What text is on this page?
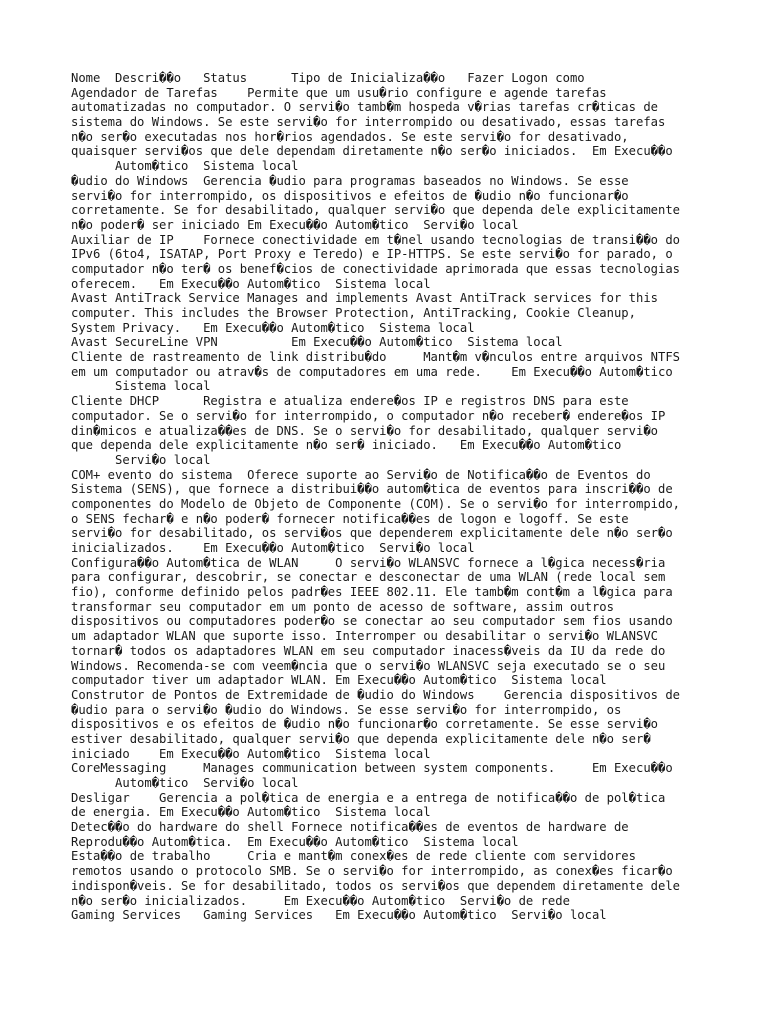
Nome  Descri��o   Status      Tipo de Inicializa��o   Fazer Logon como
Agendador de Tarefas    Permite que um usu�rio configure e agende tarefas
automatizadas no computador. O servi�o tamb�m hospeda v�rias tarefas cr�ticas de
sistema do Windows. Se este servi�o for interrompido ou desativado, essas tarefas
n�o ser�o executadas nos hor�rios agendados. Se este servi�o for desativado,
quaisquer servi�os que dele dependam diretamente n�o ser�o iniciados.  Em Execu��o
Autom�tico  Sistema local
�udio do Windows  Gerencia �udio para programas baseados no Windows. Se esse
servi�o for interrompido, os dispositivos e efeitos de �udio n�o funcionar�o
corretamente. Se for desabilitado, qualquer servi�o que dependa dele explicitamente
n�o poder� ser iniciado Em Execu��o Autom�tico  Servi�o local
Auxiliar de IP    Fornece conectividade em t�nel usando tecnologias de transi��o do
IPv6 (6to4, ISATAP, Port Proxy e Teredo) e IP-HTTPS. Se este servi�o for parado, o
computador n�o ter� os benef�cios de conectividade aprimorada que essas tecnologias
oferecem.   Em Execu��o Autom�tico  Sistema local
Avast AntiTrack Service Manages and implements Avast AntiTrack services for this
computer. This includes the Browser Protection, AntiTracking, Cookie Cleanup,
System Privacy.   Em Execu��o Autom�tico  Sistema local
Avast SecureLine VPN          Em Execu��o Autom�tico  Sistema local
Cliente de rastreamento de link distribu�do     Mant�m v�nculos entre arquivos NTFS
em um computador ou atrav�s de computadores em uma rede.    Em Execu��o Autom�tico
Sistema local
Cliente DHCP      Registra e atualiza endere�os IP e registros DNS para este
computador. Se o servi�o for interrompido, o computador n�o receber� endere�os IP
din�micos e atualiza��es de DNS. Se o servi�o for desabilitado, qualquer servi�o
que dependa dele explicitamente n�o ser� iniciado.   Em Execu��o Autom�tico
Servi�o local
COM+ evento do sistema  Oferece suporte ao Servi�o de Notifica��o de Eventos do
Sistema (SENS), que fornece a distribui��o autom�tica de eventos para inscri��o de
componentes do Modelo de Objeto de Componente (COM). Se o servi�o for interrompido,
o SENS fechar� e n�o poder� fornecer notifica��es de logon e logoff. Se este
servi�o for desabilitado, os servi�os que dependerem explicitamente dele n�o ser�o
inicializados.    Em Execu��o Autom�tico  Servi�o local
Configura��o Autom�tica de WLAN     O servi�o WLANSVC fornece a l�gica necess�ria
para configurar, descobrir, se conectar e desconectar de uma WLAN (rede local sem
fio), conforme definido pelos padr�es IEEE 802.11. Ele tamb�m cont�m a l�gica para
transformar seu computador em um ponto de acesso de software, assim outros
dispositivos ou computadores poder�o se conectar ao seu computador sem fios usando
um adaptador WLAN que suporte isso. Interromper ou desabilitar o servi�o WLANSVC
tornar� todos os adaptadores WLAN em seu computador inacess�veis da IU da rede do
Windows. Recomenda-se com veem�ncia que o servi�o WLANSVC seja executado se o seu
computador tiver um adaptador WLAN. Em Execu��o Autom�tico  Sistema local
Construtor de Pontos de Extremidade de �udio do Windows    Gerencia dispositivos de
�udio para o servi�o �udio do Windows. Se esse servi�o for interrompido, os
dispositivos e os efeitos de �udio n�o funcionar�o corretamente. Se esse servi�o
estiver desabilitado, qualquer servi�o que dependa explicitamente dele n�o ser�
iniciado    Em Execu��o Autom�tico  Sistema local
CoreMessaging     Manages communication between system components.     Em Execu��o
Autom�tico  Servi�o local
Desligar    Gerencia a pol�tica de energia e a entrega de notifica��o de pol�tica
de energia. Em Execu��o Autom�tico  Sistema local
Detec��o do hardware do shell Fornece notifica��es de eventos de hardware de
Reprodu��o Autom�tica.  Em Execu��o Autom�tico  Sistema local
Esta��o de trabalho     Cria e mant�m conex�es de rede cliente com servidores
remotos usando o protocolo SMB. Se o servi�o for interrompido, as conex�es ficar�o
indispon�veis. Se for desabilitado, todos os servi�os que dependem diretamente dele
n�o ser�o inicializados.     Em Execu��o Autom�tico  Servi�o de rede
Gaming Services   Gaming Services   Em Execu��o Autom�tico  Servi�o local
